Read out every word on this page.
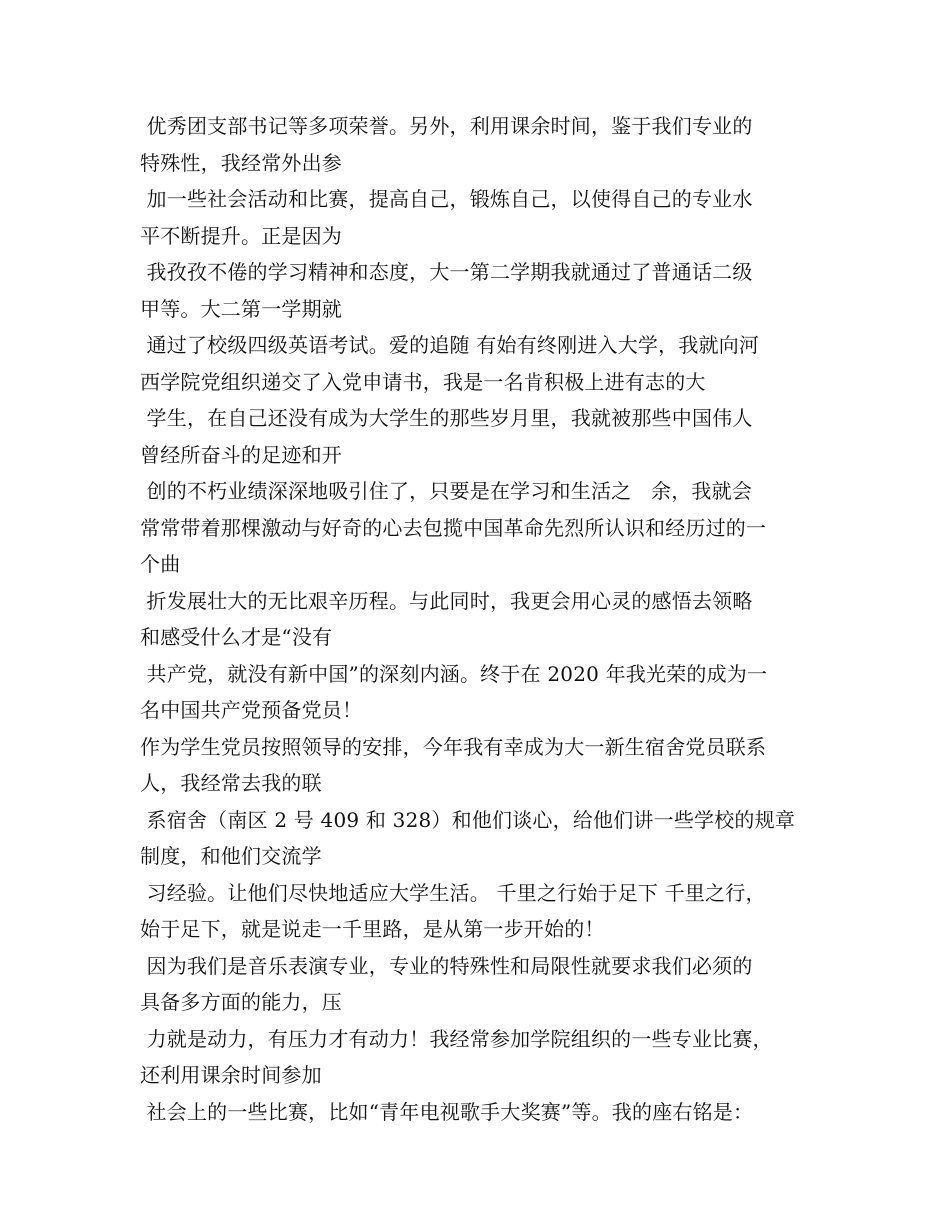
优秀团支部书记等多项荣誉。另外，利用课余时间，鉴于我们专业的
特殊性，我经常外出参
加一些社会活动和比赛，提高自己，锻炼自己，以使得自己的专业水
平不断提升。正是因为
我孜孜不倦的学习精神和态度，大一第二学期我就通过了普通话二级
甲等。大二第一学期就
通过了校级四级英语考试。爱的追随 有始有终刚进入大学，我就向河
西学院党组织递交了入党申请书，我是一名肯积极上进有志的大
学生，在自己还没有成为大学生的那些岁月里，我就被那些中国伟人
曾经所奋斗的足迹和开
创的不朽业绩深深地吸引住了，只要是在学习和生活之   余，我就会
常常带着那棵激动与好奇的心去包揽中国革命先烈所认识和经历过的一
个曲
折发展壮大的无比艰辛历程。与此同时，我更会用心灵的感悟去领略
和感受什么才是“没有
共产党，就没有新中国”的深刻内涵。终于在 2020 年我光荣的成为一
名中国共产党预备党员！
作为学生党员按照领导的安排，今年我有幸成为大一新生宿舍党员联系
人，我经常去我的联
系宿舍（南区 2 号 409 和 328）和他们谈心，给他们讲一些学校的规章
制度，和他们交流学
习经验。让他们尽快地适应大学生活。 千里之行始于足下 千里之行，
始于足下，就是说走一千里路，是从第一步开始的！
因为我们是音乐表演专业，专业的特殊性和局限性就要求我们必须的
具备多方面的能力，压
力就是动力，有压力才有动力！我经常参加学院组织的一些专业比赛，
还利用课余时间参加
社会上的一些比赛，比如“青年电视歌手大奖赛”等。我的座右铭是：
